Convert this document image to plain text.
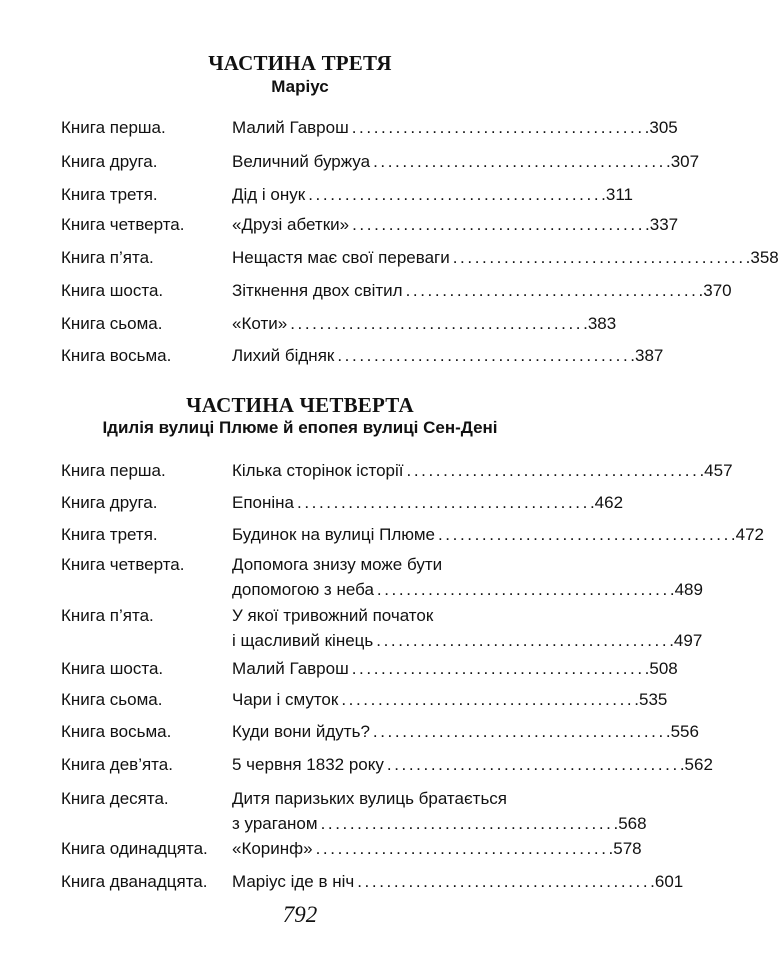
ЧАСТИНА ТРЕТЯ
Маріус
Книга перша.	Малий Гаврош ........................................ .305
Книга друга.	Величний буржуа ........................................ .307
Книга третя.	Дід і онук ........................................ .311
Книга четверта.	«Друзі абетки» ........................................ .337
Книга п’ята.	Нещастя має свої переваги ........................................ .358
Книга шоста.	Зіткнення двох світил ........................................ .370
Книга сьома.	«Коти» ........................................ .383
Книга восьма.	Лихий бідняк ........................................ .387
ЧАСТИНА ЧЕТВЕРТА
Ідилія вулиці Плюме й епопея вулиці Сен-Дені
Книга перша.	Кілька сторінок історії ........................................ .457
Книга друга.	Епоніна ........................................ .462
Книга третя.	Будинок на вулиці Плюме ........................................ .472
Книга четверта.	Допомога знизу може бути
допомогою з неба ........................................ .489
Книга п’ята.	У якої тривожний початок
і щасливий кінець ........................................ .497
Книга шоста.	Малий Гаврош ........................................ .508
Книга сьома.	Чари і смуток ........................................ .535
Книга восьма.	Куди вони йдуть? ........................................ .556
Книга дев’ята.	5 червня 1832 року ........................................ .562
Книга десята.	Дитя паризьких вулиць братається
з ураганом ........................................ .568
Книга одинадцята. «Коринф» ........................................ .578
Книга дванадцята. Маріус іде в ніч ........................................ .601
792
